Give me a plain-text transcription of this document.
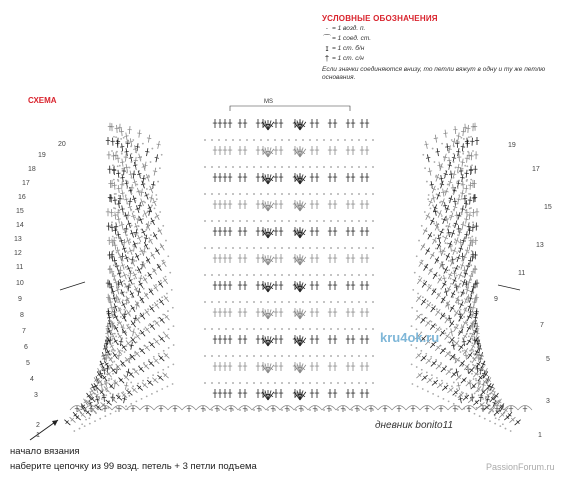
УСЛОВНЫЕ ОБОЗНАЧЕНИЯ
· = 1 возд. п.
⌒ = 1 соед. ст.
ɪ = 1 ст. б/н
† = 1 ст. с/н
Если значки соединяются внизу, то петли вяжут в одну и ту же петлю основания.
СХЕМА	MS
20
19
18
17
16
15
14
13
12
11
10
9
8
7
6
5
4
3
2
1
19
17
15
13
11
9
7
5
3
1
kru4ok.ru
дневник bonito11
начало вязания
наберите цепочку из 99 возд. петель + 3 петли подъема	PassionForum.ru
